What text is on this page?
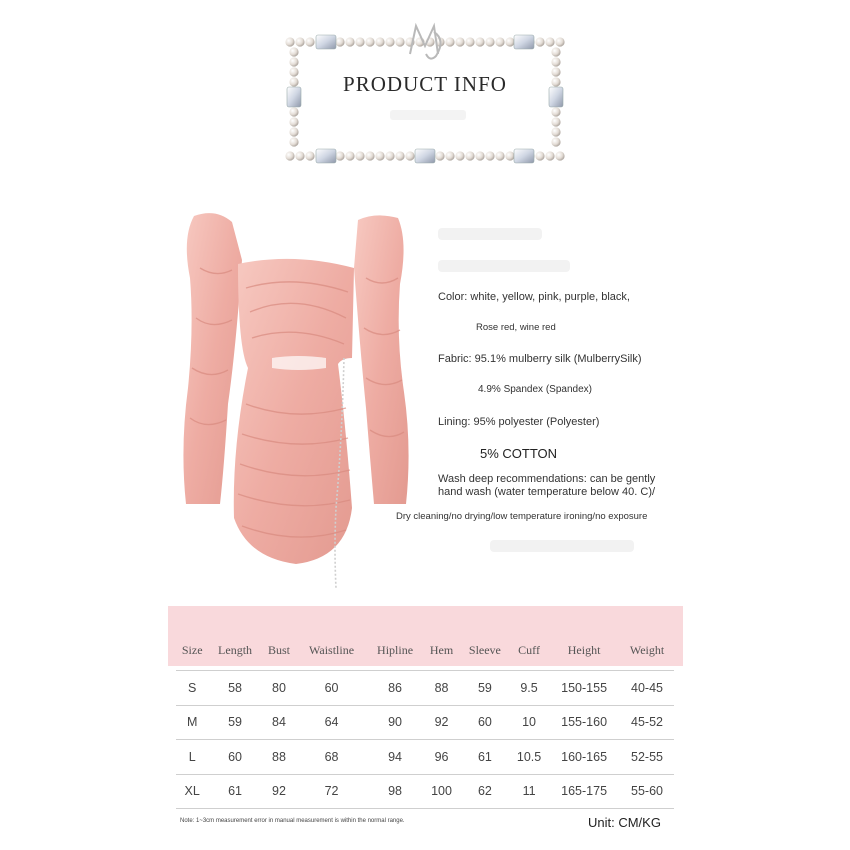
PRODUCT INFO
Color: white, yellow, pink, purple, black,
Rose red, wine red
Fabric: 95.1% mulberry silk (MulberrySilk)
4.9% Spandex (Spandex)
Lining: 95% polyester (Polyester)
5% COTTON
Wash deep recommendations: can be gently
hand wash (water temperature below 40. C)/
Dry cleaning/no drying/low temperature ironing/no exposure
Size	Length	Bust	Waistline	Hipline	Hem	Sleeve	Cuff	Height	Weight
S	58	80	60	86	88	59	9.5	150-155	40-45
M	59	84	64	90	92	60	10	155-160	45-52
L	60	88	68	94	96	61	10.5	160-165	52-55
XL	61	92	72	98	100	62	11	165-175	55-60
Note: 1~3cm measurement error in manual measurement is within the normal range.	Unit: CM/KG
